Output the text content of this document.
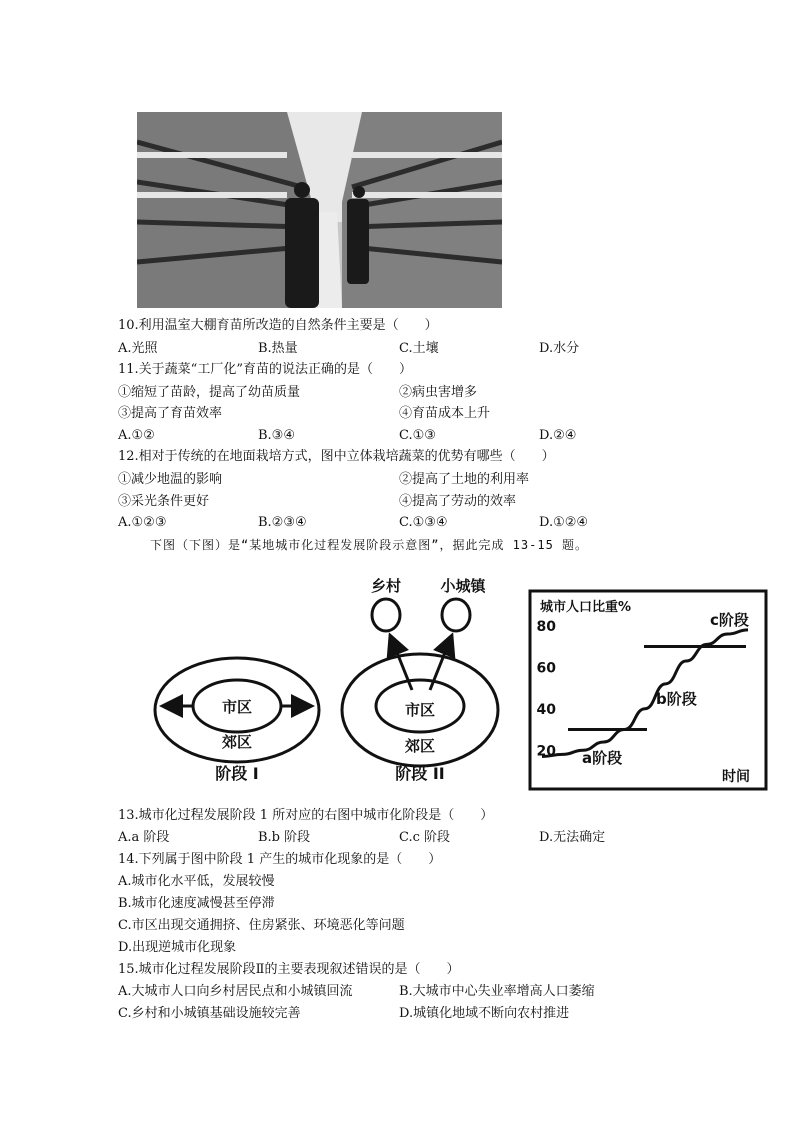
10.利用温室大棚育苗所改造的自然条件主要是（　　）
A.光照	B.热量	C.土壤	D.水分
11.关于蔬菜“工厂化”育苗的说法正确的是（　　）
①缩短了苗龄，提高了幼苗质量	②病虫害增多
③提高了育苗效率	④育苗成本上升
A.①②	B.③④	C.①③	D.②④
12.相对于传统的在地面栽培方式，图中立体栽培蔬菜的优势有哪些（　　）
①减少地温的影响	②提高了土地的利用率
③采光条件更好	④提高了劳动的效率
A.①②③	B.②③④	C.①③④	D.①②④
下图（下图）是“某地城市化过程发展阶段示意图”，据此完成 13-15 题。
市区
郊区
阶段 I
乡村	小城镇
市区
郊区
阶段 II
城市人口比重%
时间
20
40
60
80
a阶段
b阶段
c阶段
13.城市化过程发展阶段 1 所对应的右图中城市化阶段是（　　）
A.a 阶段	B.b 阶段	C.c 阶段	D.无法确定
14.下列属于图中阶段 1 产生的城市化现象的是（　　）
A.城市化水平低，发展较慢
B.城市化速度减慢甚至停滞
C.市区出现交通拥挤、住房紧张、环境恶化等问题
D.出现逆城市化现象
15.城市化过程发展阶段Ⅱ的主要表现叙述错误的是（　　）
A.大城市人口向乡村居民点和小城镇回流	B.大城市中心失业率增高人口萎缩
C.乡村和小城镇基础设施较完善	D.城镇化地域不断向农村推进
